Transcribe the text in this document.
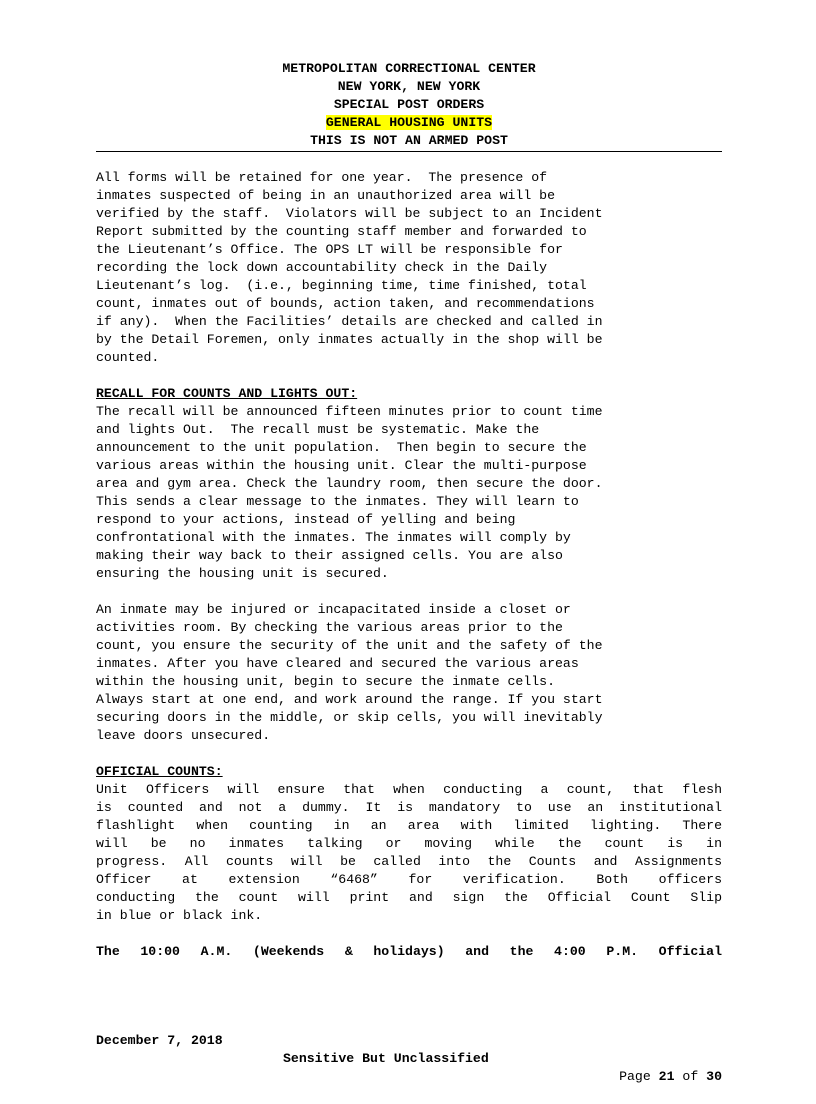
METROPOLITAN CORRECTIONAL CENTER
NEW YORK, NEW YORK
SPECIAL POST ORDERS
GENERAL HOUSING UNITS
THIS IS NOT AN ARMED POST
All forms will be retained for one year.  The presence of
inmates suspected of being in an unauthorized area will be
verified by the staff.  Violators will be subject to an Incident
Report submitted by the counting staff member and forwarded to
the Lieutenant’s Office. The OPS LT will be responsible for
recording the lock down accountability check in the Daily
Lieutenant’s log.  (i.e., beginning time, time finished, total
count, inmates out of bounds, action taken, and recommendations
if any).  When the Facilities’ details are checked and called in
by the Detail Foremen, only inmates actually in the shop will be
counted.
RECALL FOR COUNTS AND LIGHTS OUT:
The recall will be announced fifteen minutes prior to count time
and lights Out.  The recall must be systematic. Make the
announcement to the unit population.  Then begin to secure the
various areas within the housing unit. Clear the multi-purpose
area and gym area. Check the laundry room, then secure the door.
This sends a clear message to the inmates. They will learn to
respond to your actions, instead of yelling and being
confrontational with the inmates. The inmates will comply by
making their way back to their assigned cells. You are also
ensuring the housing unit is secured.
An inmate may be injured or incapacitated inside a closet or
activities room. By checking the various areas prior to the
count, you ensure the security of the unit and the safety of the
inmates. After you have cleared and secured the various areas
within the housing unit, begin to secure the inmate cells.
Always start at one end, and work around the range. If you start
securing doors in the middle, or skip cells, you will inevitably
leave doors unsecured.
OFFICIAL COUNTS:
Unit Officers will ensure that when conducting a count, that flesh
is counted and not a dummy. It is mandatory to use an institutional
flashlight when counting in an area with limited lighting. There
will be no inmates talking or moving while the count is in
progress. All counts will be called into the Counts and Assignments
Officer at extension “6468” for verification. Both officers
conducting the count will print and sign the Official Count Slip
in blue or black ink.
The 10:00 A.M. (Weekends & holidays) and the 4:00 P.M. Official

December 7, 2018

Sensitive But Unclassified

Page 21 of 30
